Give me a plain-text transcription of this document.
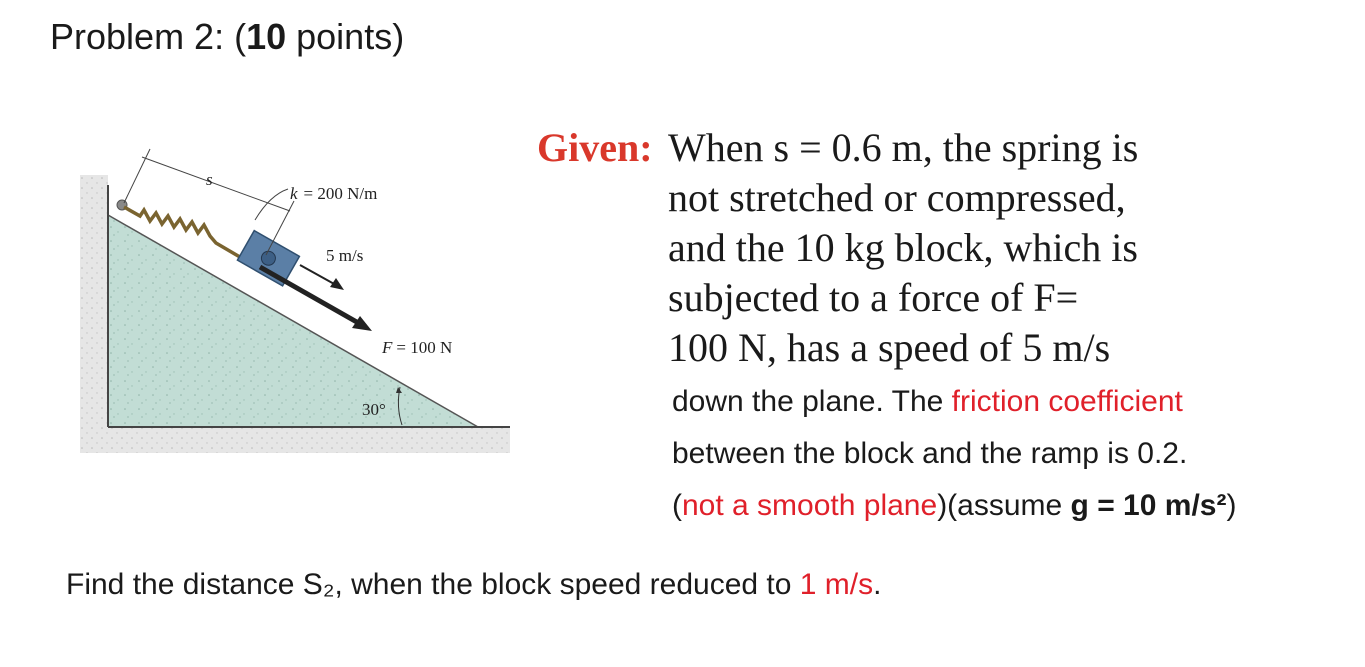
Problem 2: (10 points)
s
k = 200 N/m
5 m/s
F = 100 N
30°
Given: When s = 0.6 m, the spring is
not stretched or compressed,
and the 10 kg block, which is
subjected to a force of F=
100 N, has a speed of 5 m/s
down the plane. The friction coefficient
between the block and the ramp is 0.2.
(not a smooth plane)(assume g = 10 m/s²)
Find the distance S₂, when the block speed reduced to 1 m/s.
